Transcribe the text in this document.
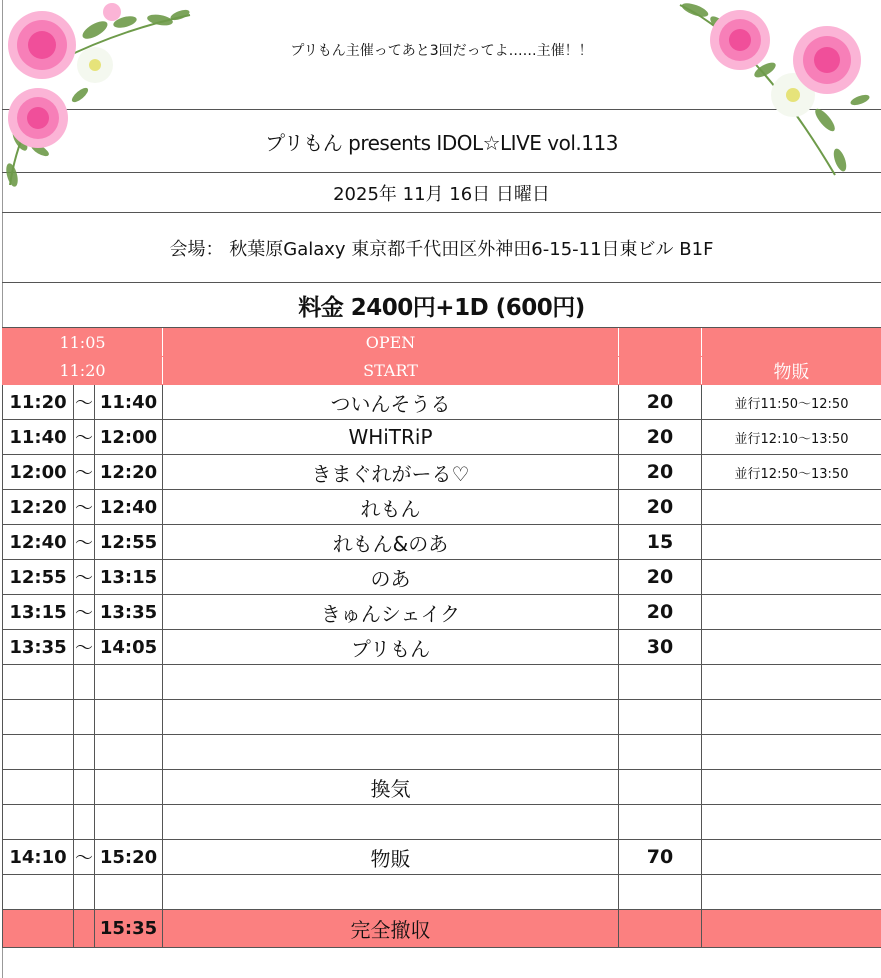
プリもん主催ってあと3回だってよ……主催！！
プリもん presents IDOL☆LIVE vol.113
2025年 11月 16日 日曜日
会場： 秋葉原Galaxy 東京都千代田区外神田6-15-11日東ビル B1F
料金 2400円+1D (600円)
11:05			OPEN		
11:20			START		物販
11:20	〜	11:40	ついんそうる	20	並行11:50～12:50
11:40	〜	12:00	WHiTRiP	20	並行12:10～13:50
12:00	〜	12:20	きまぐれがーる♡	20	並行12:50～13:50
12:20	〜	12:40	れもん	20	
12:40	〜	12:55	れもん&のあ	15	
12:55	〜	13:15	のあ	20	
13:15	〜	13:35	きゅんシェイク	20	
13:35	〜	14:05	プリもん	30	

			換気		

14:10	〜	15:20	物販	70	

		15:35	完全撤収		
